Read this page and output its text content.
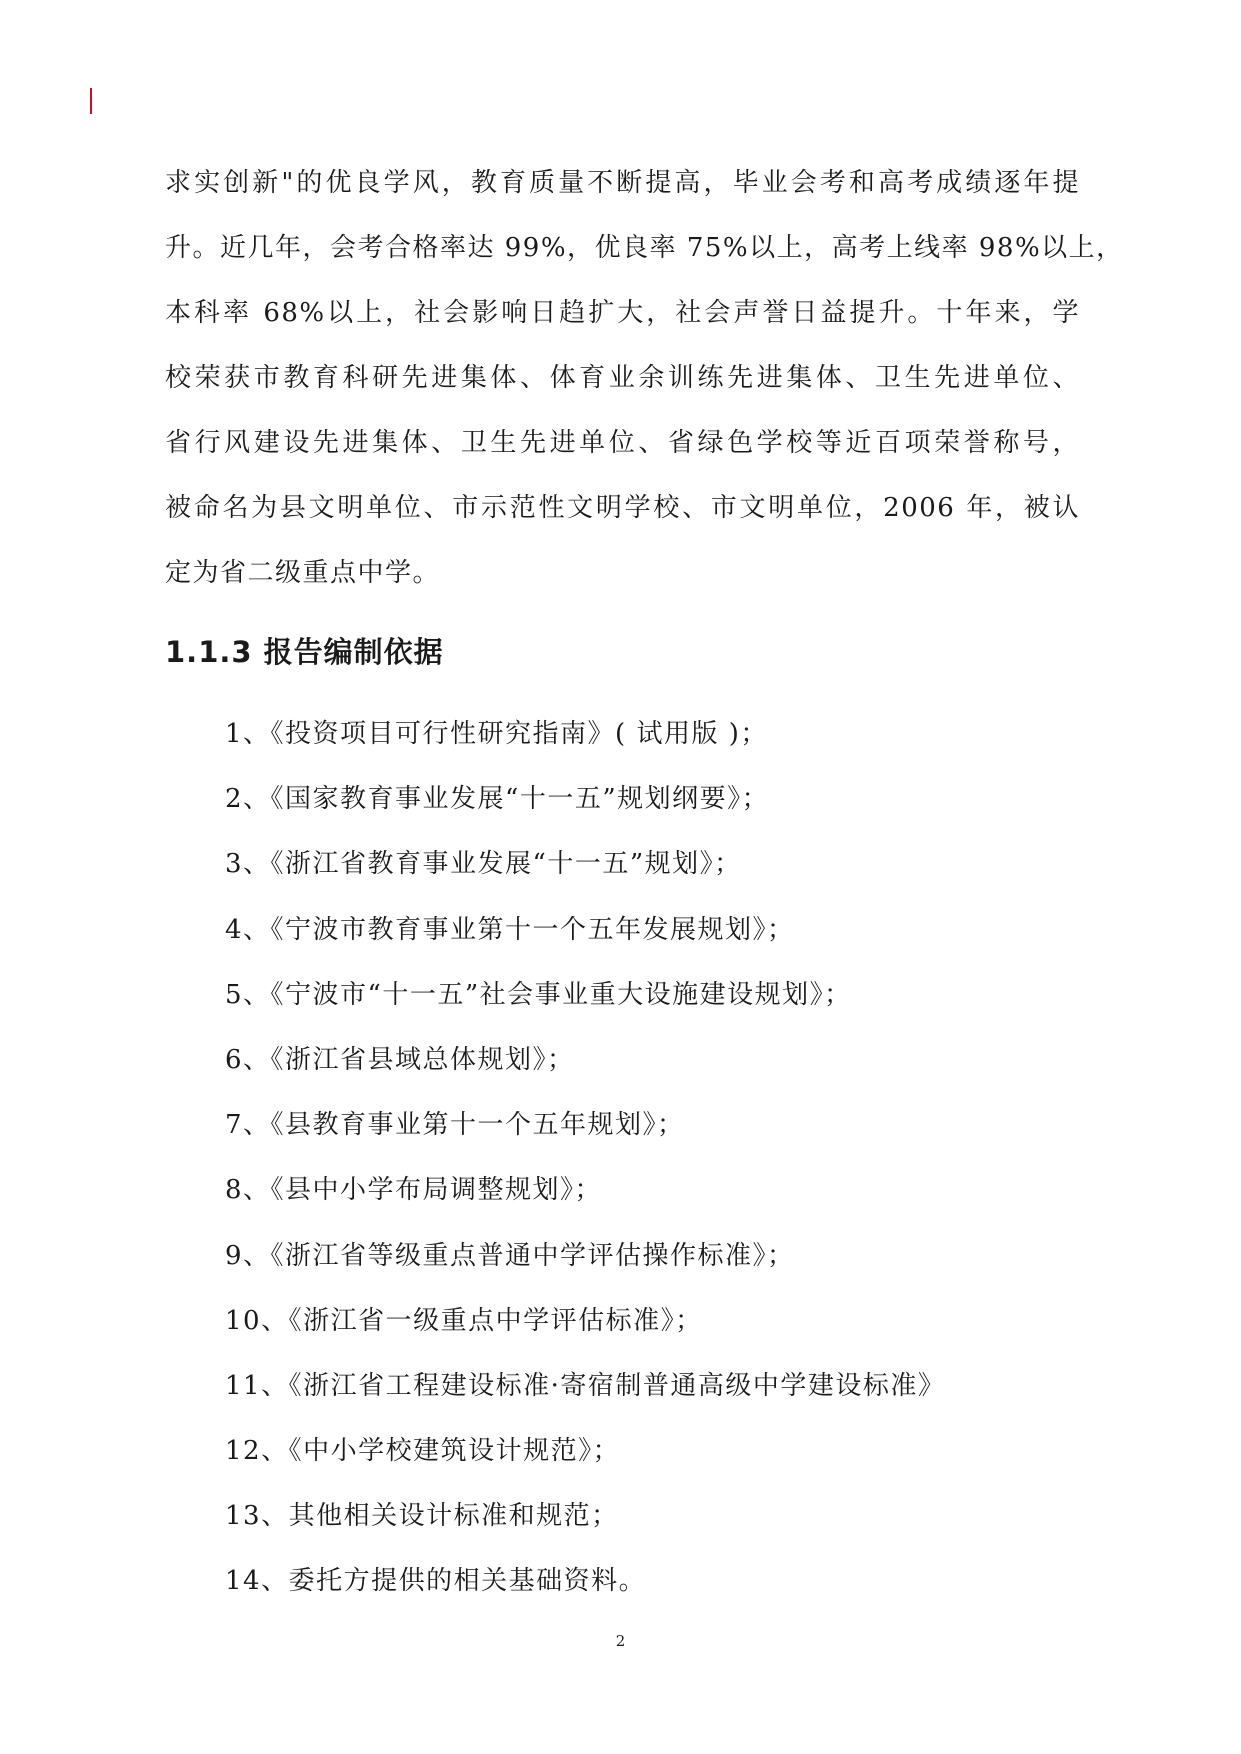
求实创新"的优良学风，教育质量不断提高，毕业会考和高考成绩逐年提
升。近几年，会考合格率达 99%，优良率 75%以上，高考上线率 98%以上，
本科率 68%以上，社会影响日趋扩大，社会声誉日益提升。十年来，学
校荣获市教育科研先进集体、体育业余训练先进集体、卫生先进单位、
省行风建设先进集体、卫生先进单位、省绿色学校等近百项荣誉称号，
被命名为县文明单位、市示范性文明学校、市文明单位，2006 年，被认
定为省二级重点中学。
1.1.3 报告编制依据
1、《投资项目可行性研究指南》( 试用版 )；
2、《国家教育事业发展“十一五”规划纲要》；
3、《浙江省教育事业发展“十一五”规划》；
4、《宁波市教育事业第十一个五年发展规划》；
5、《宁波市“十一五”社会事业重大设施建设规划》；
6、《浙江省县域总体规划》；
7、《县教育事业第十一个五年规划》；
8、《县中小学布局调整规划》；
9、《浙江省等级重点普通中学评估操作标准》；
10、《浙江省一级重点中学评估标准》；
11、《浙江省工程建设标准·寄宿制普通高级中学建设标准》
12、《中小学校建筑设计规范》；
13、其他相关设计标准和规范；
14、委托方提供的相关基础资料。
2
